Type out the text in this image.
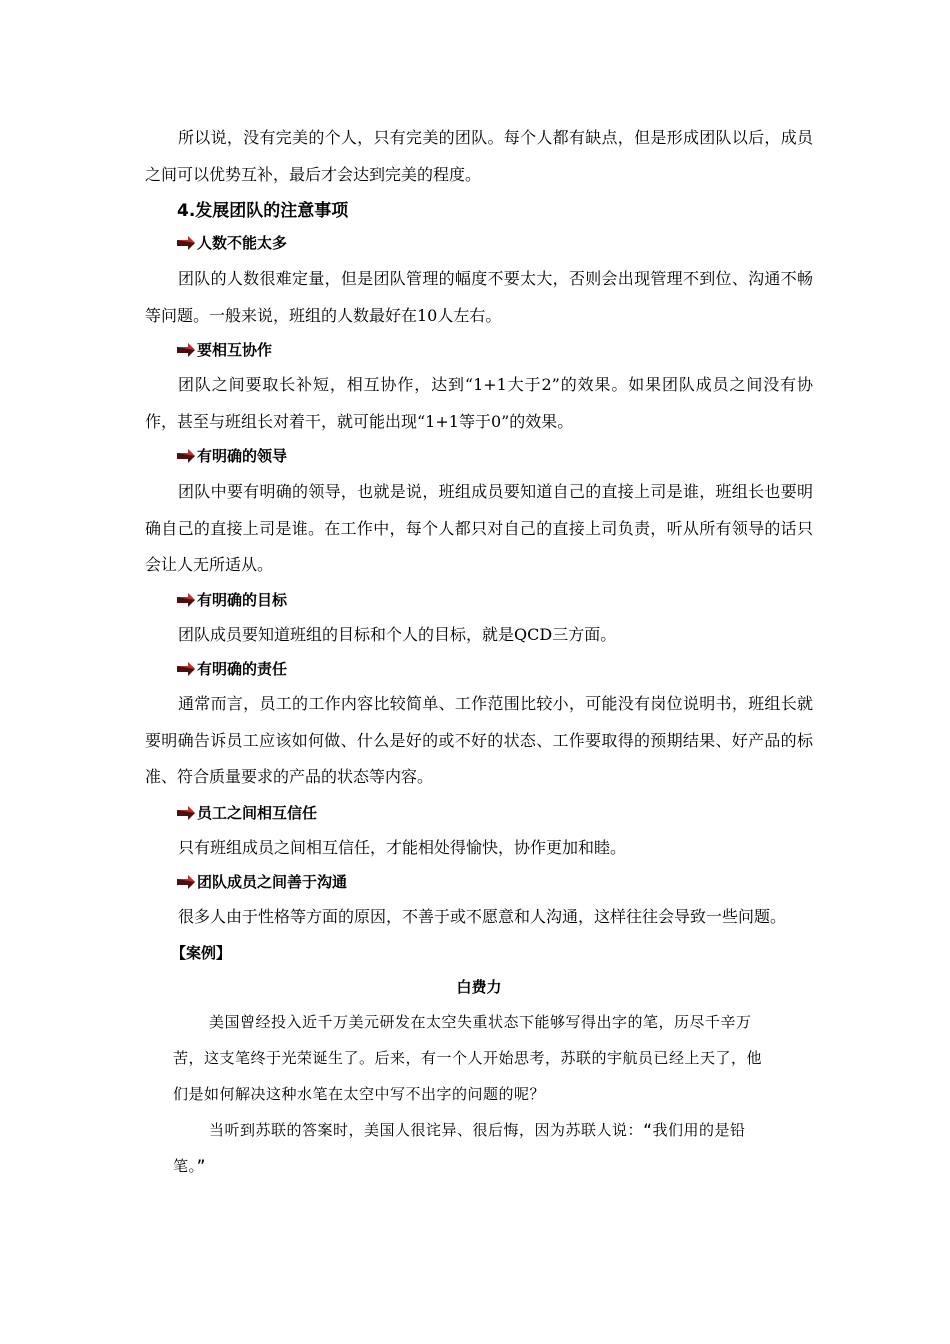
所以说，没有完美的个人，只有完美的团队。每个人都有缺点，但是形成团队以后，成员之间可以优势互补，最后才会达到完美的程度。

4.发展团队的注意事项

人数不能太多

团队的人数很难定量，但是团队管理的幅度不要太大，否则会出现管理不到位、沟通不畅等问题。一般来说，班组的人数最好在10人左右。

要相互协作

团队之间要取长补短，相互协作，达到“1+1大于2”的效果。如果团队成员之间没有协作，甚至与班组长对着干，就可能出现“1+1等于0”的效果。

有明确的领导

团队中要有明确的领导，也就是说，班组成员要知道自己的直接上司是谁，班组长也要明确自己的直接上司是谁。在工作中，每个人都只对自己的直接上司负责，听从所有领导的话只会让人无所适从。

有明确的目标

团队成员要知道班组的目标和个人的目标，就是QCD三方面。

有明确的责任

通常而言，员工的工作内容比较简单、工作范围比较小，可能没有岗位说明书，班组长就要明确告诉员工应该如何做、什么是好的或不好的状态、工作要取得的预期结果、好产品的标准、符合质量要求的产品的状态等内容。

员工之间相互信任

只有班组成员之间相互信任，才能相处得愉快，协作更加和睦。

团队成员之间善于沟通

很多人由于性格等方面的原因，不善于或不愿意和人沟通，这样往往会导致一些问题。

【案例】

白费力

美国曾经投入近千万美元研发在太空失重状态下能够写得出字的笔，历尽千辛万苦，这支笔终于光荣诞生了。后来，有一个人开始思考，苏联的宇航员已经上天了，他们是如何解决这种水笔在太空中写不出字的问题的呢？

当听到苏联的答案时，美国人很诧异、很后悔，因为苏联人说：“我们用的是铅笔。”
